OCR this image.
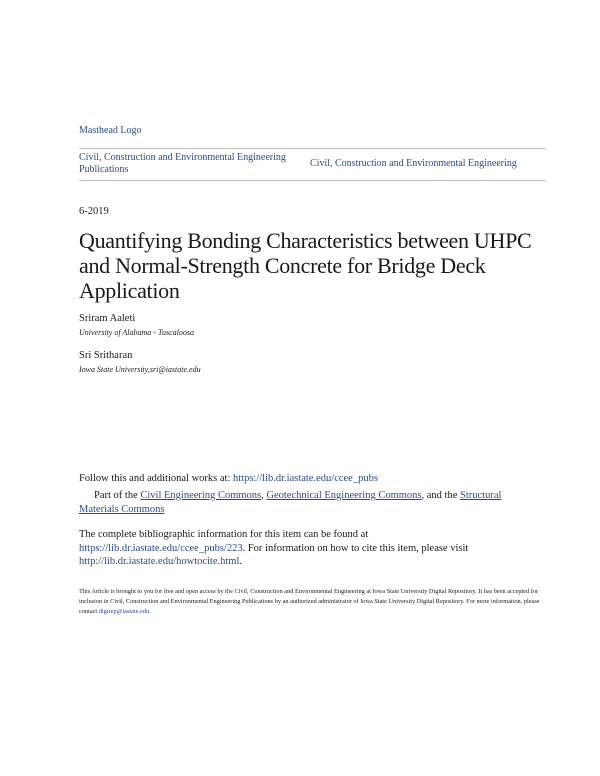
Masthead Logo
Civil, Construction and Environmental Engineering Publications
Civil, Construction and Environmental Engineering
6-2019
Quantifying Bonding Characteristics between UHPC and Normal-Strength Concrete for Bridge Deck Application
Sriram Aaleti
University of Alabama - Tuscaloosa
Sri Sritharan
Iowa State University,sri@iastate.edu
Follow this and additional works at: https://lib.dr.iastate.edu/ccee_pubs
Part of the Civil Engineering Commons, Geotechnical Engineering Commons, and the Structural Materials Commons
The complete bibliographic information for this item can be found at https://lib.dr.iastate.edu/ccee_pubs/223. For information on how to cite this item, please visit http://lib.dr.iastate.edu/howtocite.html.
This Article is brought to you for free and open access by the Civil, Construction and Environmental Engineering at Iowa State University Digital Repository. It has been accepted for inclusion in Civil, Construction and Environmental Engineering Publications by an authorized administrator of Iowa State University Digital Repository. For more information, please contact digirep@iastate.edu.
